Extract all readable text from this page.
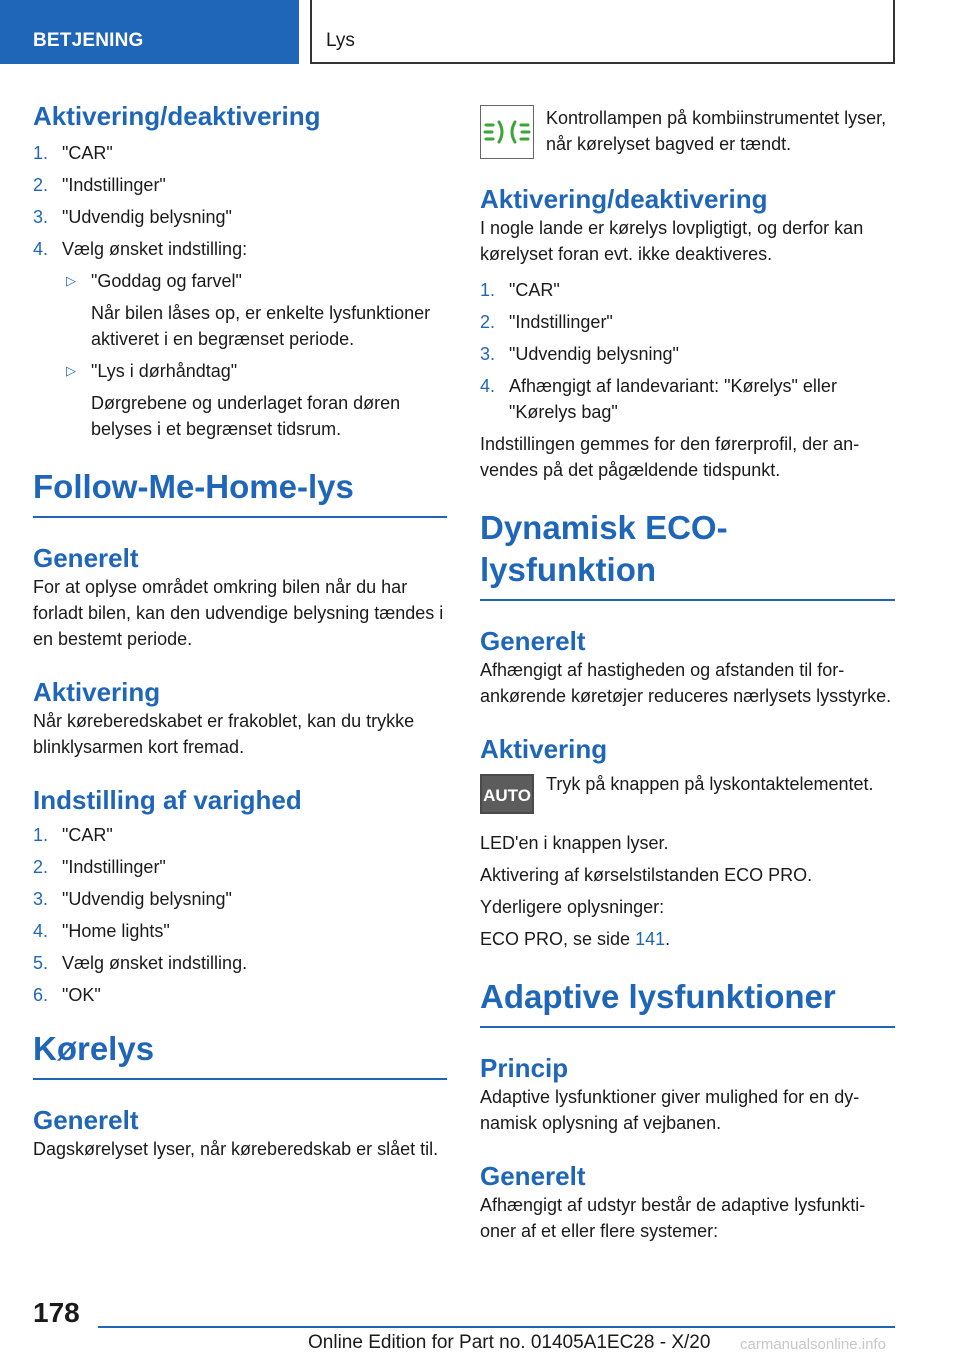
BETJENING	Lys
Aktivering/deaktivering
1. "CAR"
2. "Indstillinger"
3. "Udvendig belysning"
4. Vælg ønsket indstilling:
▷ "Goddag og farvel"
Når bilen låses op, er enkelte lysfunktioner aktiveret i en begrænset periode.
▷ "Lys i dørhåndtag"
Dørgrebene og underlaget foran døren belyses i et begrænset tidsrum.
Follow-Me-Home-lys
Generelt
For at oplyse området omkring bilen når du har forladt bilen, kan den udvendige belysning tændes i en bestemt periode.
Aktivering
Når køreberedskabet er frakoblet, kan du trykke blinklysarmen kort fremad.
Indstilling af varighed
1. "CAR"
2. "Indstillinger"
3. "Udvendig belysning"
4. "Home lights"
5. Vælg ønsket indstilling.
6. "OK"
Kørelys
Generelt
Dagskørelyset lyser, når køreberedskab er slået til.
Kontrollampen på kombiinstrumentet lyser, når kørelyset bagved er tændt.
Aktivering/deaktivering
I nogle lande er kørelys lovpligtigt, og derfor kan kørelyset foran evt. ikke deaktiveres.
1. "CAR"
2. "Indstillinger"
3. "Udvendig belysning"
4. Afhængigt af landevariant: "Kørelys" eller "Kørelys bag"
Indstillingen gemmes for den førerprofil, der anvendes på det pågældende tidspunkt.
Dynamisk ECO-lysfunktion
Generelt
Afhængigt af hastigheden og afstanden til forankørende køretøjer reduceres nærlysets lysstyrke.
Aktivering
AUTO
Tryk på knappen på lyskontaktelementet.
LED'en i knappen lyser.
Aktivering af kørselstilstanden ECO PRO.
Yderligere oplysninger:
ECO PRO, se side 141.
Adaptive lysfunktioner
Princip
Adaptive lysfunktioner giver mulighed for en dynamisk oplysning af vejbanen.
Generelt
Afhængigt af udstyr består de adaptive lysfunktioner af et eller flere systemer:
178
Online Edition for Part no. 01405A1EC28 - X/20 carmanualsonline.info
